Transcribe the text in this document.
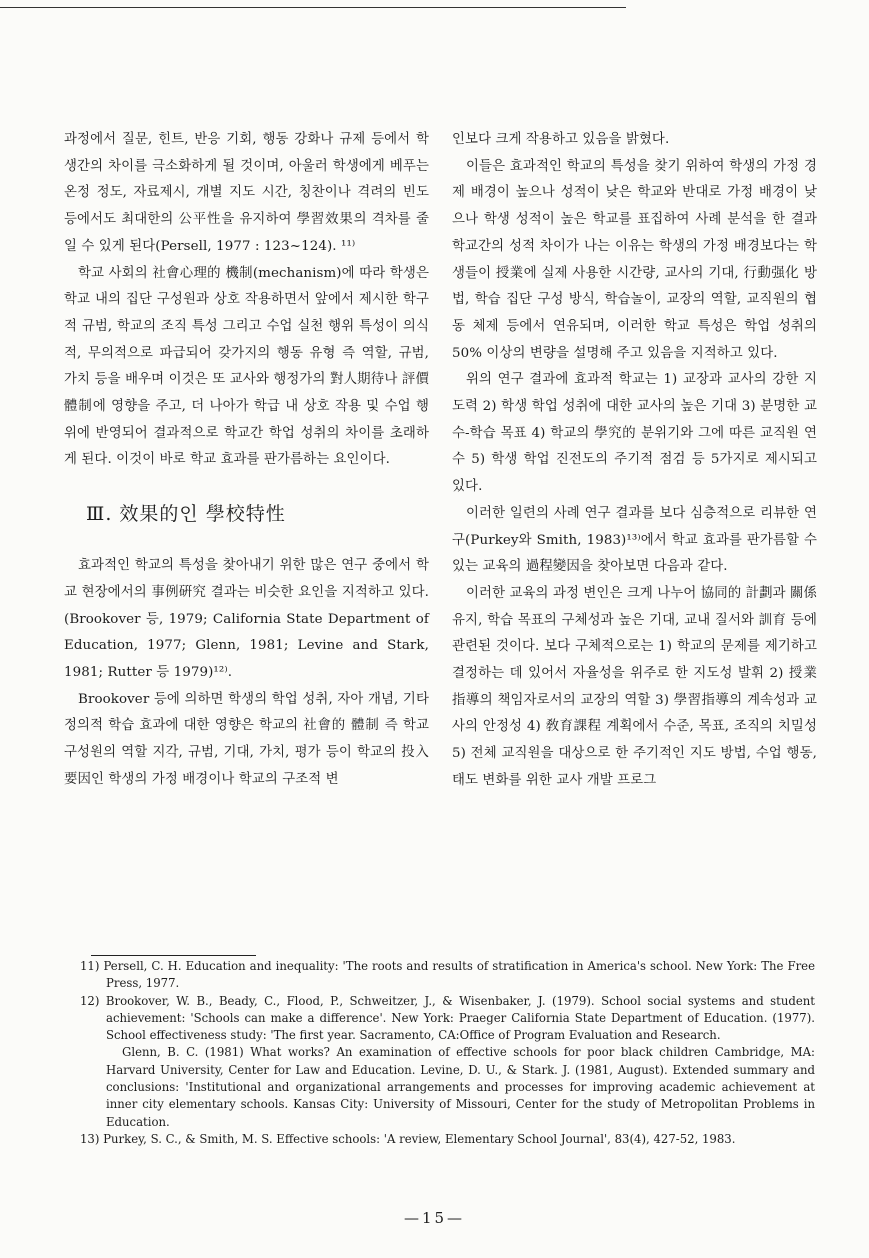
과정에서 질문, 힌트, 반응 기회, 행동 강화나 규제 등에서 학생간의 차이를 극소화하게 될 것이며, 아울러 학생에게 베푸는 온정 정도, 자료제시, 개별 지도 시간, 칭찬이나 격려의 빈도 등에서도 최대한의 公平性을 유지하여 學習效果의 격차를 줄일 수 있게 된다(Persell, 1977 : 123~124). ¹¹⁾

학교 사회의 社會心理的 機制(mechanism)에 따라 학생은 학교 내의 집단 구성원과 상호 작용하면서 앞에서 제시한 학구적 규범, 학교의 조직 특성 그리고 수업 실천 행위 특성이 의식적, 무의적으로 파급되어 갖가지의 행동 유형 즉 역할, 규범, 가치 등을 배우며 이것은 또 교사와 행정가의 對人期待나 評價體制에 영향을 주고, 더 나아가 학급 내 상호 작용 및 수업 행위에 반영되어 결과적으로 학교간 학업 성취의 차이를 초래하게 된다. 이것이 바로 학교 효과를 판가름하는 요인이다.

Ⅲ. 效果的인 學校特性

효과적인 학교의 특성을 찾아내기 위한 많은 연구 중에서 학교 현장에서의 事例硏究 결과는 비슷한 요인을 지적하고 있다. (Brookover 등, 1979; California State Department of Education, 1977; Glenn, 1981; Levine and Stark, 1981; Rutter 등 1979)¹²⁾.

Brookover 등에 의하면 학생의 학업 성취, 자아 개념, 기타 정의적 학습 효과에 대한 영향은 학교의 社會的 體制 즉 학교 구성원의 역할 지각, 규범, 기대, 가치, 평가 등이 학교의 投入要因인 학생의 가정 배경이나 학교의 구조적 변

인보다 크게 작용하고 있음을 밝혔다.

이들은 효과적인 학교의 특성을 찾기 위하여 학생의 가정 경제 배경이 높으나 성적이 낮은 학교와 반대로 가정 배경이 낮으나 학생 성적이 높은 학교를 표집하여 사례 분석을 한 결과 학교간의 성적 차이가 나는 이유는 학생의 가정 배경보다는 학생들이 授業에 실제 사용한 시간량, 교사의 기대, 行動强化 방법, 학습 집단 구성 방식, 학습놀이, 교장의 역할, 교직원의 협동 체제 등에서 연유되며, 이러한 학교 특성은 학업 성취의 50% 이상의 변량을 설명해 주고 있음을 지적하고 있다.

위의 연구 결과에 효과적 학교는 1) 교장과 교사의 강한 지도력 2) 학생 학업 성취에 대한 교사의 높은 기대 3) 분명한 교수-학습 목표 4) 학교의 學究的 분위기와 그에 따른 교직원 연수 5) 학생 학업 진전도의 주기적 점검 등 5가지로 제시되고 있다.

이러한 일련의 사례 연구 결과를 보다 심층적으로 리뷰한 연구(Purkey와 Smith, 1983)¹³⁾에서 학교 효과를 판가름할 수 있는 교육의 過程變因을 찾아보면 다음과 같다.

이러한 교육의 과정 변인은 크게 나누어 協同的 計劃과 關係유지, 학습 목표의 구체성과 높은 기대, 교내 질서와 訓育 등에 관련된 것이다. 보다 구체적으로는 1) 학교의 문제를 제기하고 결정하는 데 있어서 자율성을 위주로 한 지도성 발휘 2) 授業指導의 책임자로서의 교장의 역할 3) 學習指導의 계속성과 교사의 안정성 4) 敎育課程 계획에서 수준, 목표, 조직의 치밀성 5) 전체 교직원을 대상으로 한 주기적인 지도 방법, 수업 행동, 태도 변화를 위한 교사 개발 프로그

11) Persell, C. H. Education and inequality: 'The roots and results of stratification in America's school. New York: The Free Press, 1977.

12) Brookover, W. B., Beady, C., Flood, P., Schweitzer, J., & Wisenbaker, J. (1979). School social systems and student achievement: 'Schools can make a difference'. New York: Praeger California State Department of Education. (1977). School effectiveness study: 'The first year. Sacramento, CA:Office of Program Evaluation and Research.

Glenn, B. C. (1981) What works? An examination of effective schools for poor black children Cambridge, MA: Harvard University, Center for Law and Education. Levine, D. U., & Stark. J. (1981, August). Extended summary and conclusions: 'Institutional and organizational arrangements and processes for improving academic achievement at inner city elementary schools. Kansas City: University of Missouri, Center for the study of Metropolitan Problems in Education.

13) Purkey, S. C., & Smith, M. S. Effective schools: 'A review, Elementary School Journal', 83(4), 427-52, 1983.

—15—
